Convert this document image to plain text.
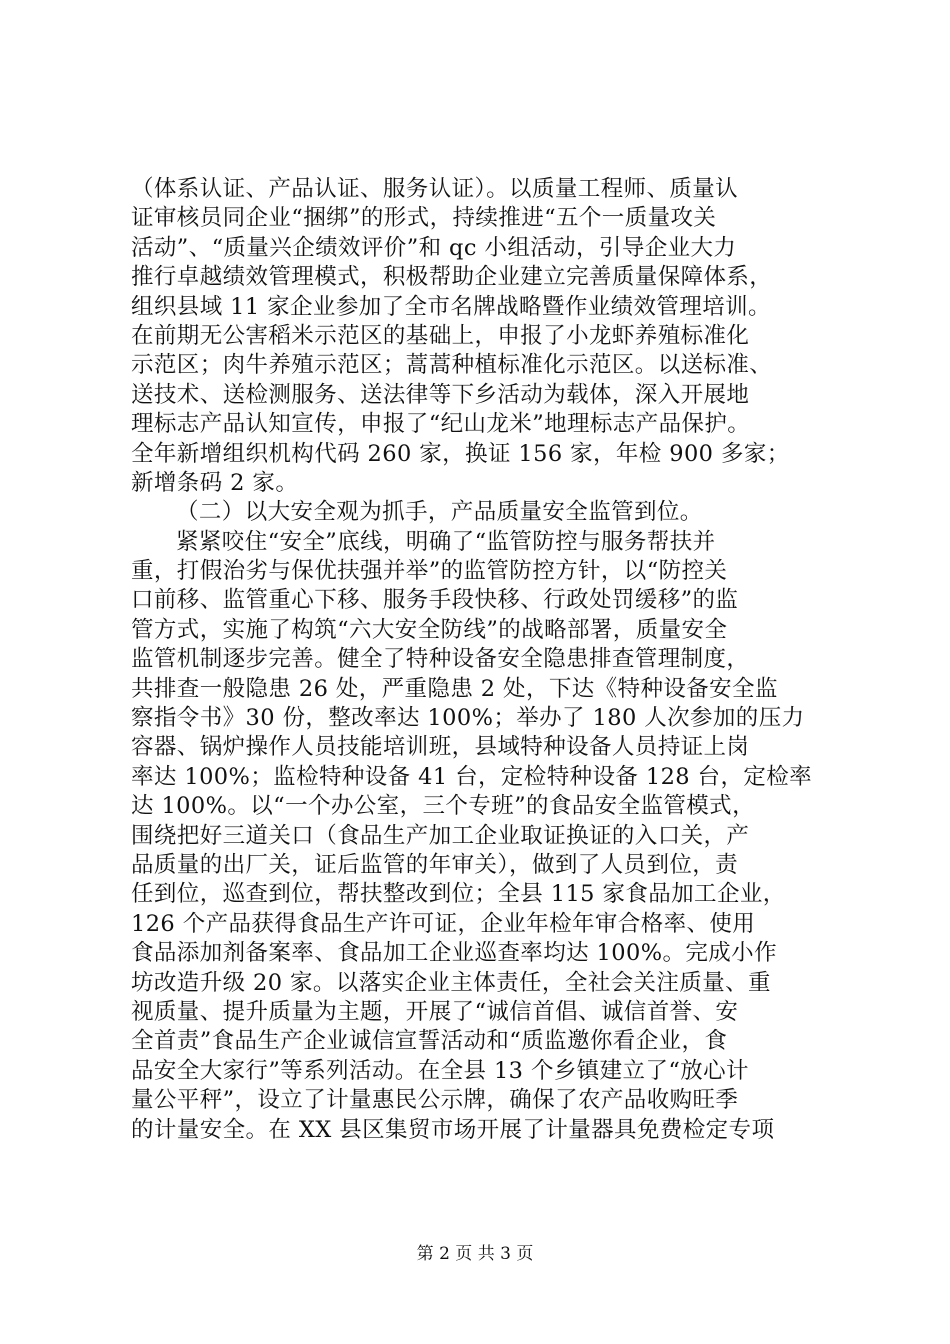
（体系认证、产品认证、服务认证）。以质量工程师、质量认
证审核员同企业“捆绑”的形式，持续推进“五个一质量攻关
活动”、“质量兴企绩效评价”和 qc 小组活动，引导企业大力
推行卓越绩效管理模式，积极帮助企业建立完善质量保障体系，
组织县域 11 家企业参加了全市名牌战略暨作业绩效管理培训。
在前期无公害稻米示范区的基础上，申报了小龙虾养殖标准化
示范区；肉牛养殖示范区；蒿蒿种植标准化示范区。以送标准、
送技术、送检测服务、送法律等下乡活动为载体，深入开展地
理标志产品认知宣传，申报了“纪山龙米”地理标志产品保护。
全年新增组织机构代码 260 家，换证 156 家，年检 900 多家；
新增条码 2 家。
（二）以大安全观为抓手，产品质量安全监管到位。
紧紧咬住“安全”底线，明确了“监管防控与服务帮扶并
重，打假治劣与保优扶强并举”的监管防控方针，以“防控关
口前移、监管重心下移、服务手段快移、行政处罚缓移”的监
管方式，实施了构筑“六大安全防线”的战略部署，质量安全
监管机制逐步完善。健全了特种设备安全隐患排查管理制度，
共排查一般隐患 26 处，严重隐患 2 处，下达《特种设备安全监
察指令书》30 份，整改率达 100%；举办了 180 人次参加的压力
容器、锅炉操作人员技能培训班，县域特种设备人员持证上岗
率达 100%；监检特种设备 41 台，定检特种设备 128 台，定检率
达 100%。以“一个办公室，三个专班”的食品安全监管模式，
围绕把好三道关口（食品生产加工企业取证换证的入口关，产
品质量的出厂关，证后监管的年审关），做到了人员到位，责
任到位，巡查到位，帮扶整改到位；全县 115 家食品加工企业，
126 个产品获得食品生产许可证，企业年检年审合格率、使用
食品添加剂备案率、食品加工企业巡查率均达 100%。完成小作
坊改造升级 20 家。以落实企业主体责任，全社会关注质量、重
视质量、提升质量为主题，开展了“诚信首倡、诚信首誉、安
全首责”食品生产企业诚信宣誓活动和“质监邀你看企业，食
品安全大家行”等系列活动。在全县 13 个乡镇建立了“放心计
量公平秤”，设立了计量惠民公示牌，确保了农产品收购旺季
的计量安全。在 XX 县区集贸市场开展了计量器具免费检定专项
第 2 页 共 3 页
